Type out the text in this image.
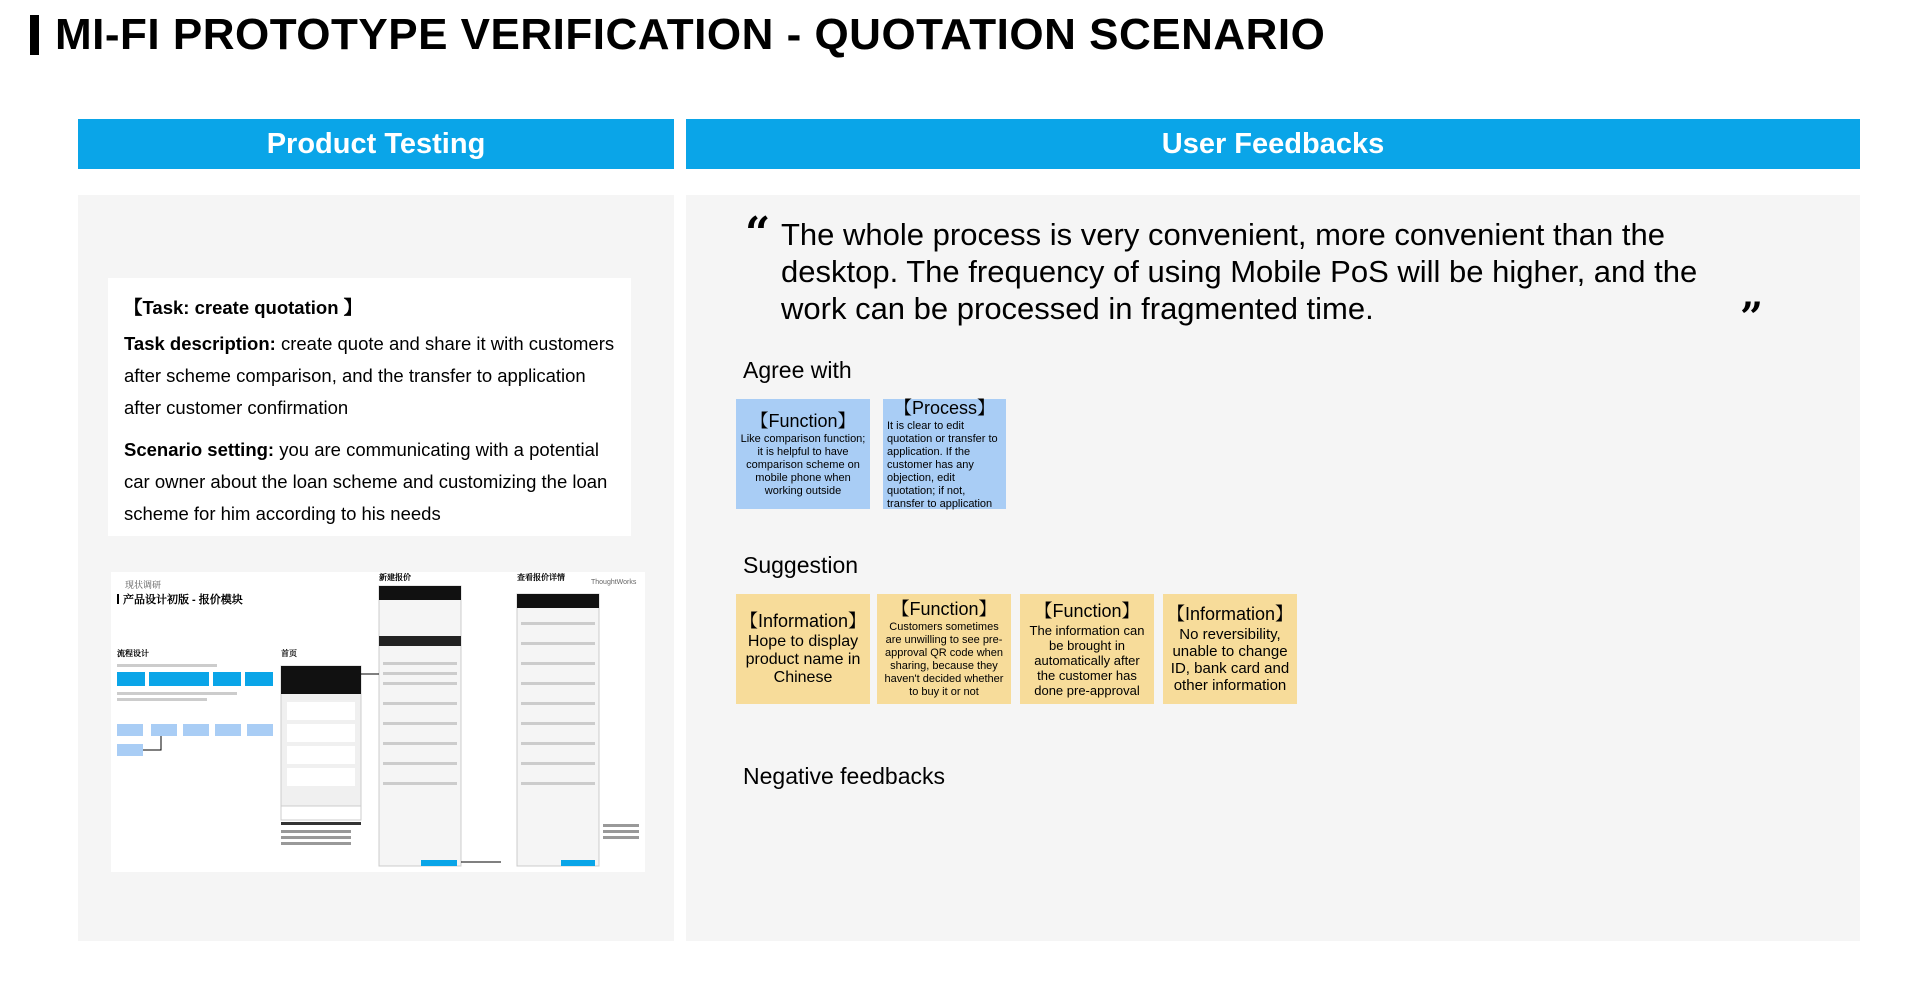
MI-FI PROTOTYPE VERIFICATION - QUOTATION SCENARIO
Product Testing	User Feedbacks
【Task: create quotation 】

Task description: create quote and share it with customers after scheme comparison, and the transfer to application after customer confirmation

Scenario setting: you are communicating with a potential car owner about the loan scheme and customizing the loan scheme for him according to his needs

现状调研
产品设计初版 - 报价模块
流程设计	首页
新建报价	查看报价详情
ThoughtWorks
“ The whole process is very convenient, more convenient than the desktop. The frequency of using Mobile PoS will be higher, and the work can be processed in fragmented time.	”
Agree with
【Function】
Like comparison function; it is helpful to have comparison scheme on mobile phone when working outside
【Process】
It is clear to edit quotation or transfer to application. If the customer has any objection, edit quotation; if not, transfer to application
Suggestion
【Information】
Hope to display product name in Chinese
【Function】
Customers sometimes are unwilling to see pre-approval QR code when sharing, because they haven't decided whether to buy it or not
【Function】
The information can be brought in automatically after the customer has done pre-approval
【Information】
No reversibility, unable to change ID, bank card and other information
Negative feedbacks
